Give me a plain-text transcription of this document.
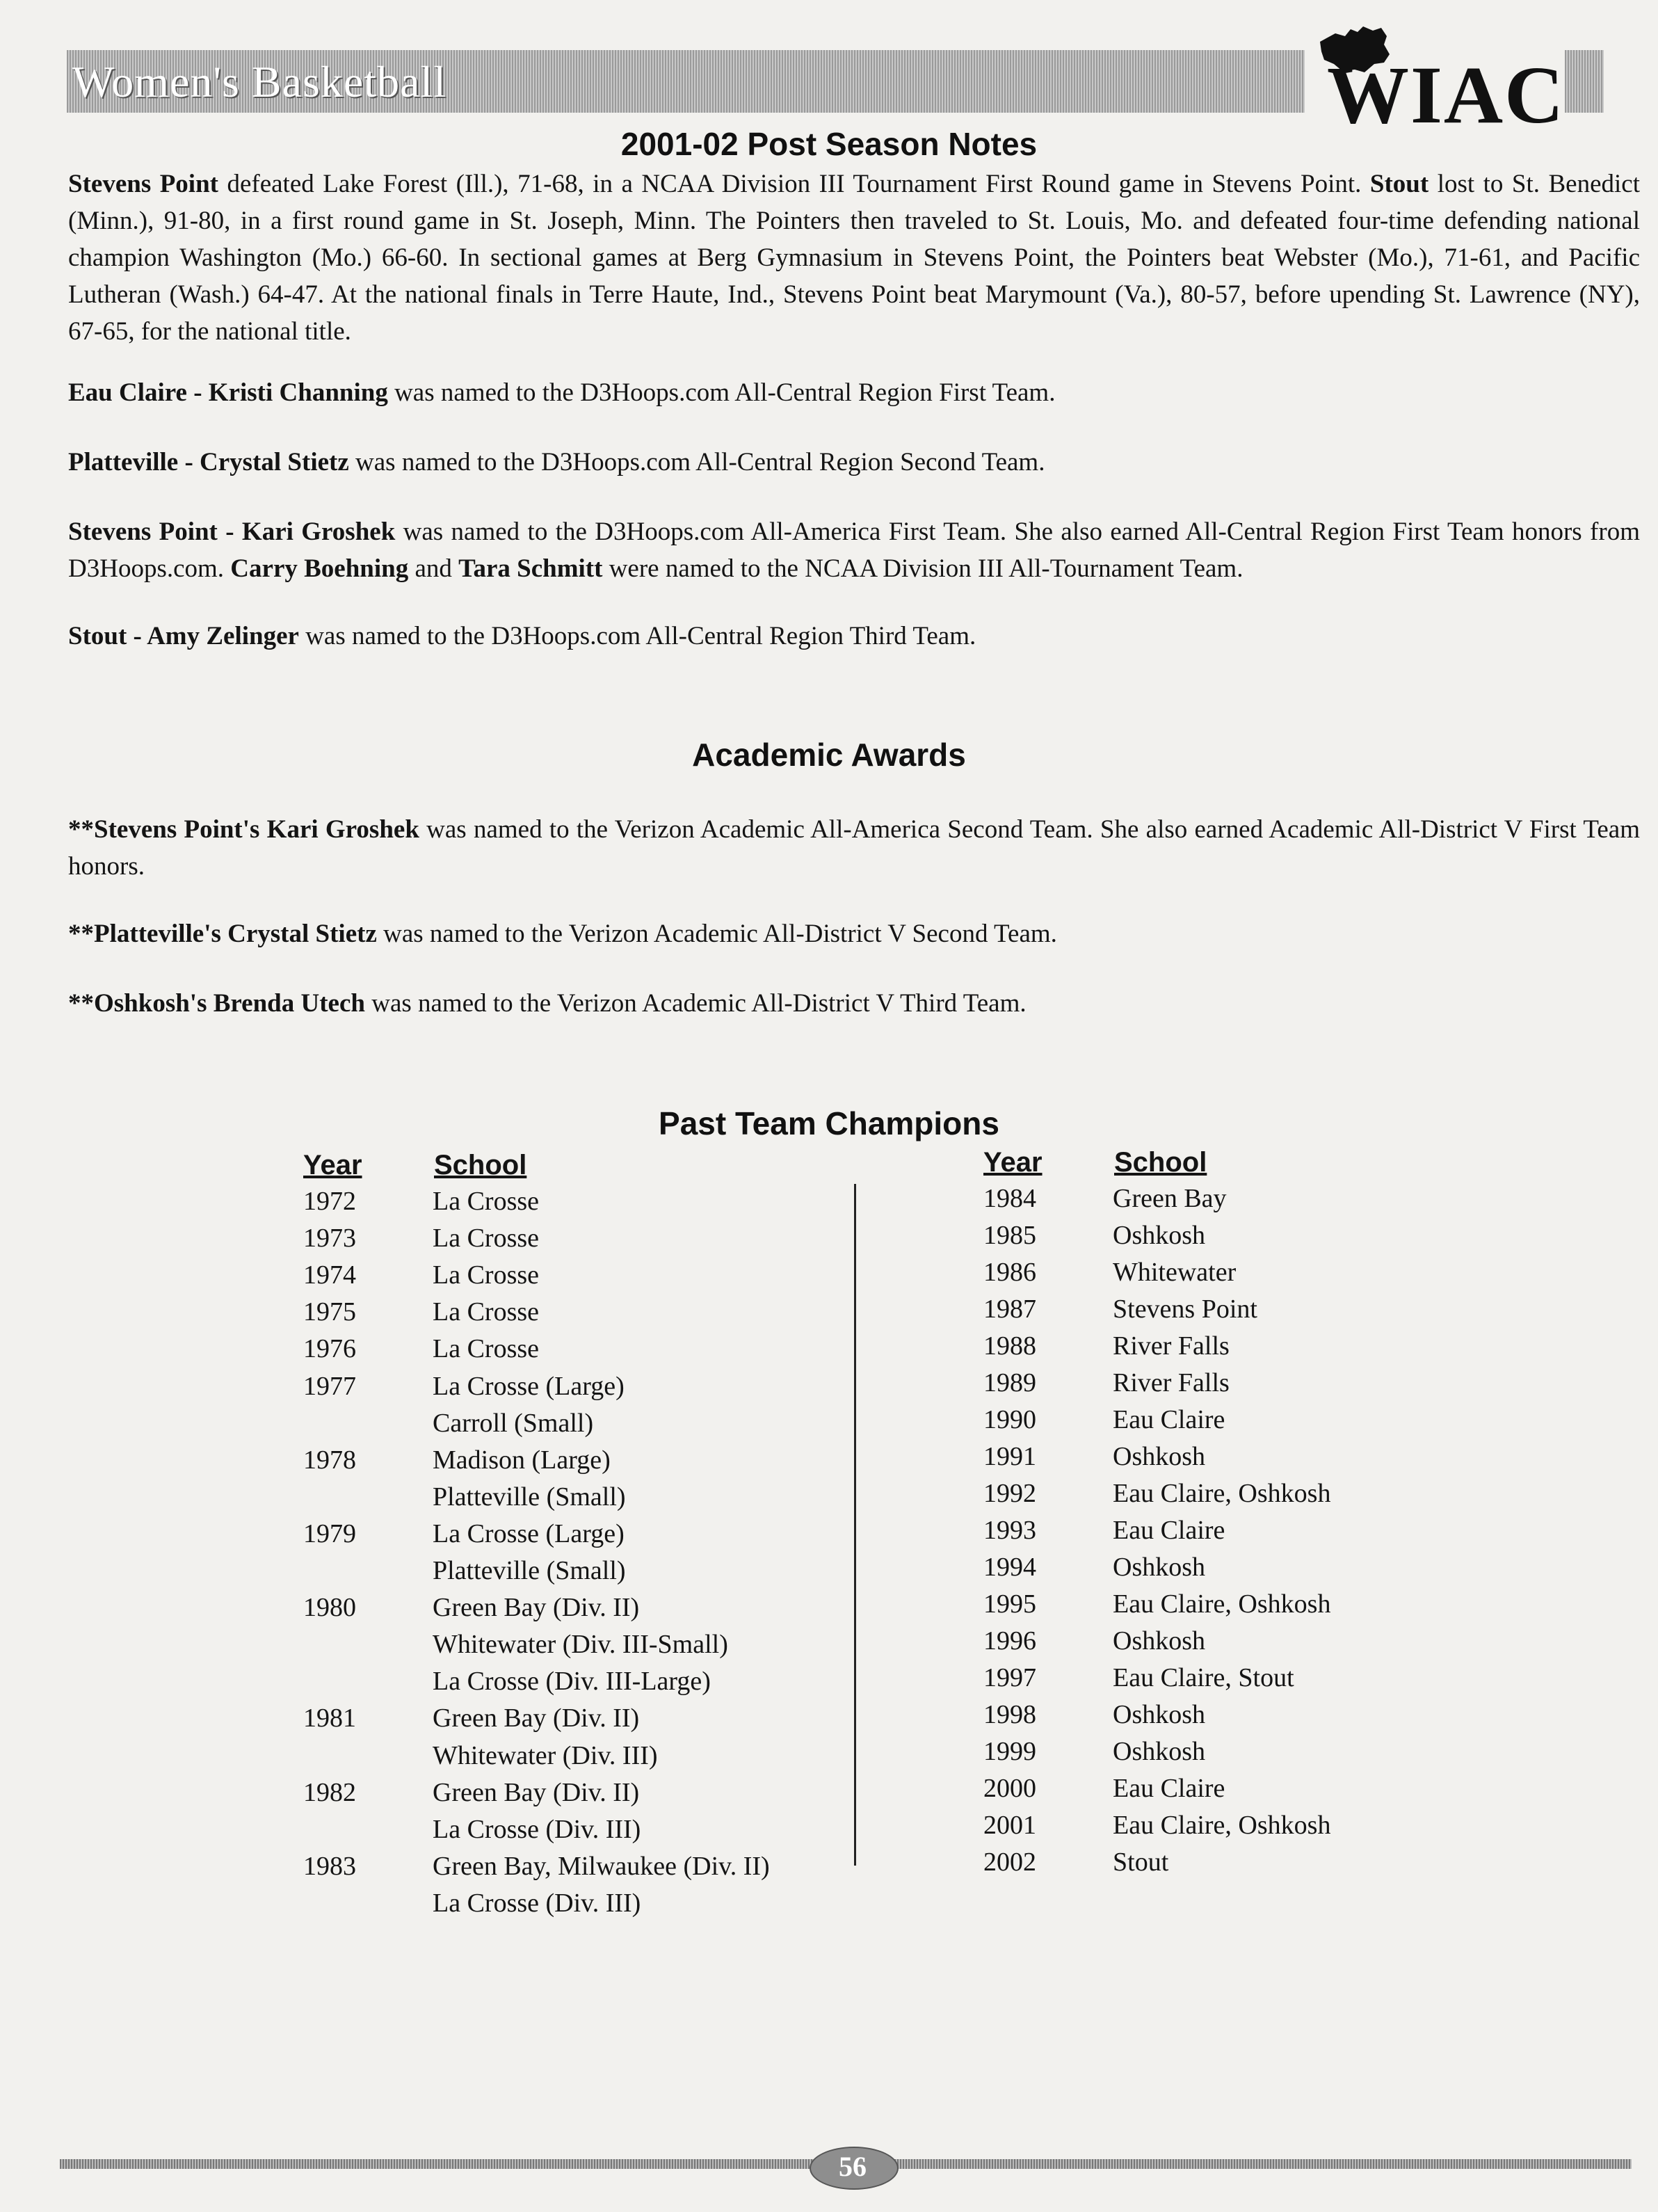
Women's Basketball	WIAC
2001-02 Post Season Notes
Stevens Point defeated Lake Forest (Ill.), 71-68, in a NCAA Division III Tournament First Round game in Stevens Point. Stout lost to St. Benedict (Minn.), 91-80, in a first round game in St. Joseph, Minn. The Pointers then traveled to St. Louis, Mo. and defeated four-time defending national champion Washington (Mo.) 66-60. In sectional games at Berg Gymnasium in Stevens Point, the Pointers beat Webster (Mo.), 71-61, and Pacific Lutheran (Wash.) 64-47. At the national finals in Terre Haute, Ind., Stevens Point beat Marymount (Va.), 80-57, before upending St. Lawrence (NY), 67-65, for the national title.
Eau Claire - Kristi Channing was named to the D3Hoops.com All-Central Region First Team.
Platteville - Crystal Stietz was named to the D3Hoops.com All-Central Region Second Team.
Stevens Point - Kari Groshek was named to the D3Hoops.com All-America First Team. She also earned All-Central Region First Team honors from D3Hoops.com. Carry Boehning and Tara Schmitt were named to the NCAA Division III All-Tournament Team.
Stout - Amy Zelinger was named to the D3Hoops.com All-Central Region Third Team.
Academic Awards
**Stevens Point's Kari Groshek was named to the Verizon Academic All-America Second Team. She also earned Academic All-District V First Team honors.
**Platteville's Crystal Stietz was named to the Verizon Academic All-District V Second Team.
**Oshkosh's Brenda Utech was named to the Verizon Academic All-District V Third Team.
Past Team Champions
Year	School	Year	School
1972	La Crosse
1973	La Crosse
1974	La Crosse
1975	La Crosse
1976	La Crosse
1977	La Crosse (Large)
Carroll (Small)
1978	Madison (Large)
Platteville (Small)
1979	La Crosse (Large)
Platteville (Small)
1980	Green Bay (Div. II)
Whitewater (Div. III-Small)
La Crosse (Div. III-Large)
1981	Green Bay (Div. II)
Whitewater (Div. III)
1982	Green Bay (Div. II)
La Crosse (Div. III)
1983	Green Bay, Milwaukee (Div. II)
La Crosse (Div. III)
1984	Green Bay
1985	Oshkosh
1986	Whitewater
1987	Stevens Point
1988	River Falls
1989	River Falls
1990	Eau Claire
1991	Oshkosh
1992	Eau Claire, Oshkosh
1993	Eau Claire
1994	Oshkosh
1995	Eau Claire, Oshkosh
1996	Oshkosh
1997	Eau Claire, Stout
1998	Oshkosh
1999	Oshkosh
2000	Eau Claire
2001	Eau Claire, Oshkosh
2002	Stout
56
